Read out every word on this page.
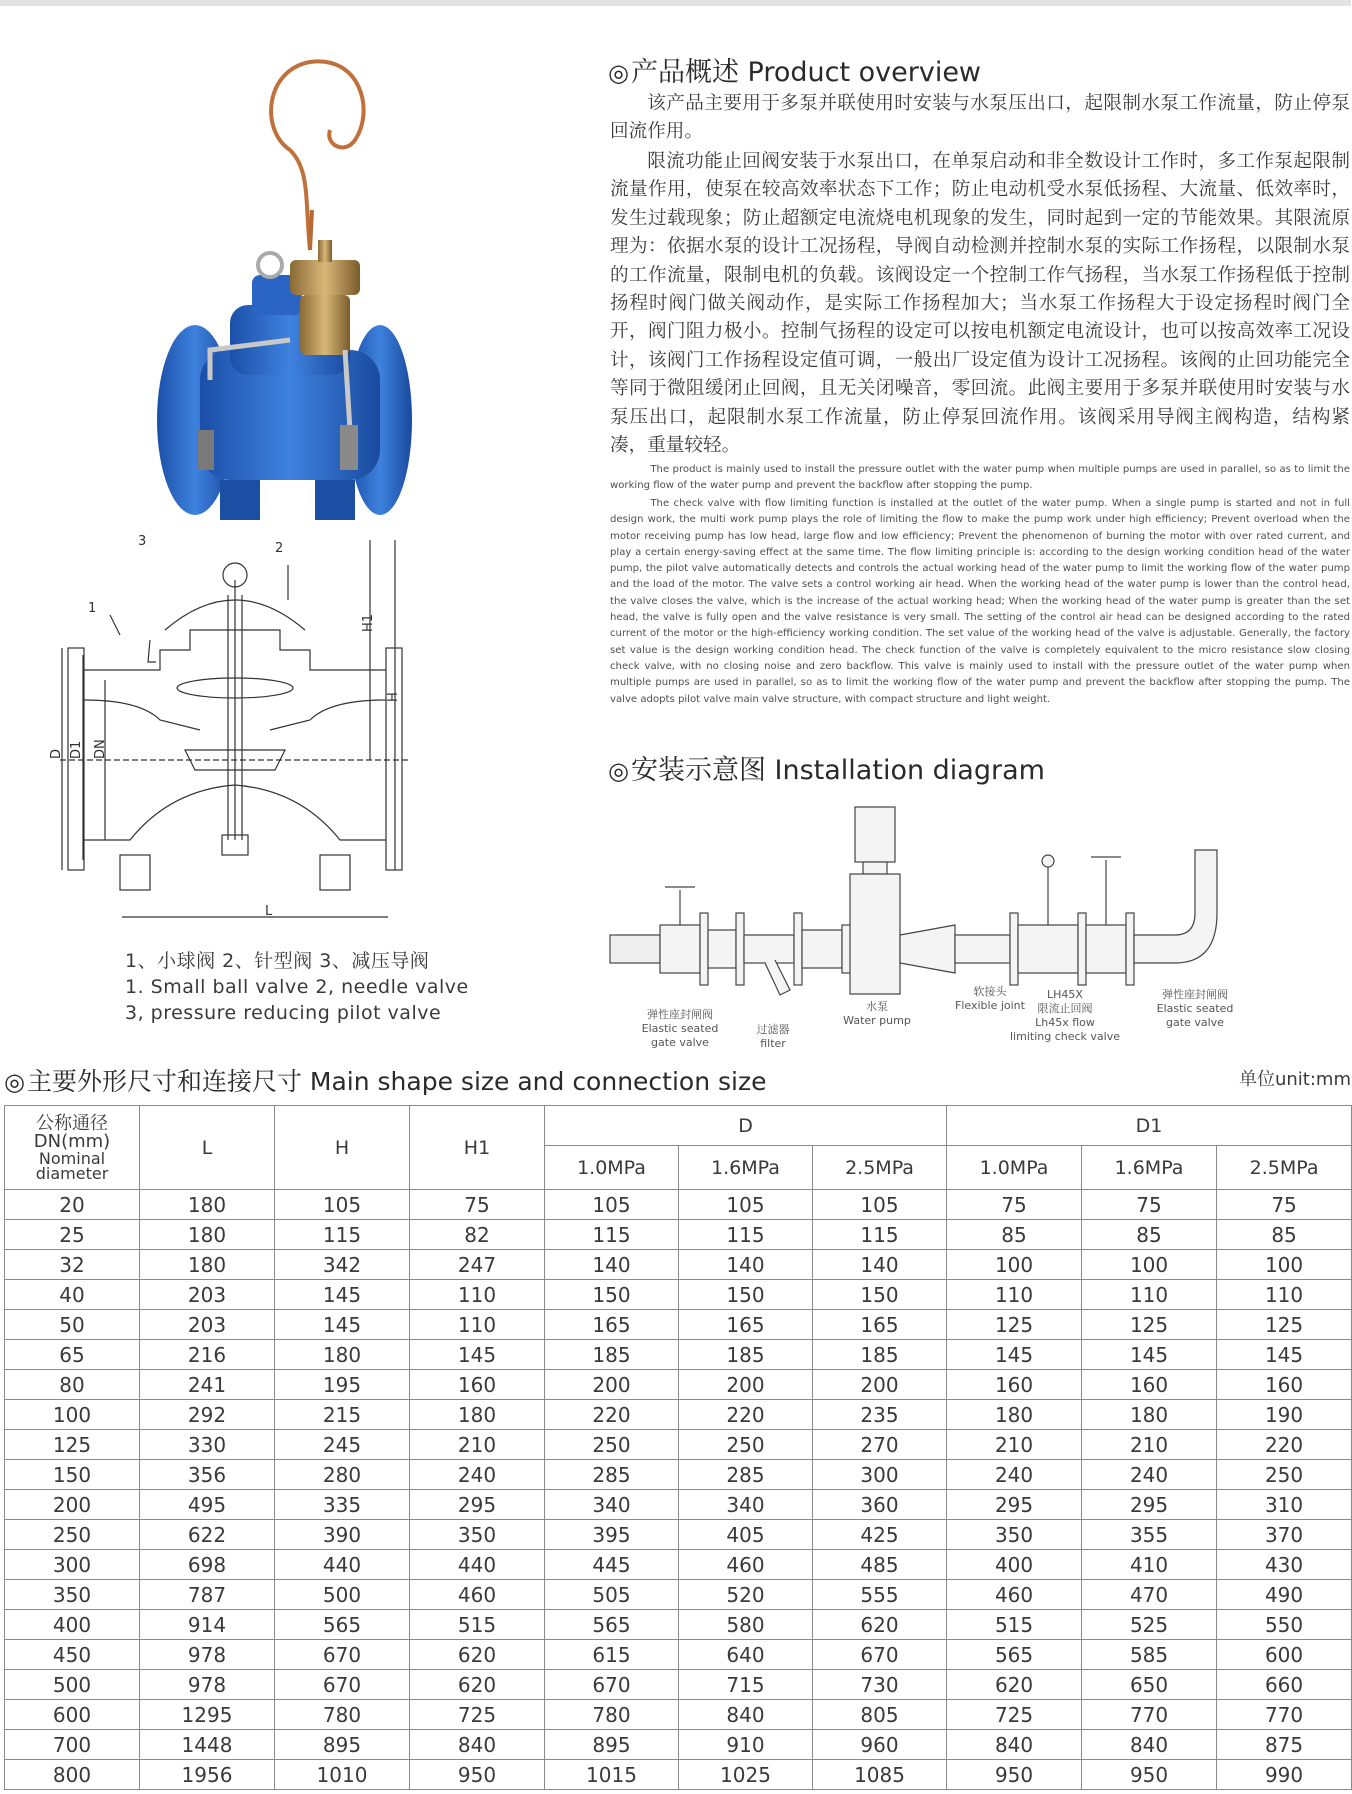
1
2
3
H1
H
D D1 DN
L
1、小球阀 2、针型阀 3、减压导阀
1. Small ball valve 2, needle valve
3, pressure reducing pilot valve
◎产品概述 Product overview

该产品主要用于多泵并联使用时安装与水泵压出口，起限制水泵工作流量，防止停泵回流作用。

限流功能止回阀安装于水泵出口，在单泵启动和非全数设计工作时，多工作泵起限制流量作用，使泵在较高效率状态下工作；防止电动机受水泵低扬程、大流量、低效率时，发生过载现象；防止超额定电流烧电机现象的发生，同时起到一定的节能效果。其限流原理为：依据水泵的设计工况扬程，导阀自动检测并控制水泵的实际工作扬程，以限制水泵的工作流量，限制电机的负载。该阀设定一个控制工作气扬程，当水泵工作扬程低于控制扬程时阀门做关阀动作，是实际工作扬程加大；当水泵工作扬程大于设定扬程时阀门全开，阀门阻力极小。控制气扬程的设定可以按电机额定电流设计，也可以按高效率工况设计，该阀门工作扬程设定值可调，一般出厂设定值为设计工况扬程。该阀的止回功能完全等同于微阻缓闭止回阀，且无关闭噪音，零回流。此阀主要用于多泵并联使用时安装与水泵压出口，起限制水泵工作流量，防止停泵回流作用。该阀采用导阀主阀构造，结构紧凑，重量较轻。

The product is mainly used to install the pressure outlet with the water pump when multiple pumps are used in parallel, so as to limit the working flow of the water pump and prevent the backflow after stopping the pump.

The check valve with flow limiting function is installed at the outlet of the water pump. When a single pump is started and not in full design work, the multi work pump plays the role of limiting the flow to make the pump work under high efficiency; Prevent overload when the motor receiving pump has low head, large flow and low efficiency; Prevent the phenomenon of burning the motor with over rated current, and play a certain energy-saving effect at the same time. The flow limiting principle is: according to the design working condition head of the water pump, the pilot valve automatically detects and controls the actual working head of the water pump to limit the working flow of the water pump and the load of the motor. The valve sets a control working air head. When the working head of the water pump is lower than the control head, the valve closes the valve, which is the increase of the actual working head; When the working head of the water pump is greater than the set head, the valve is fully open and the valve resistance is very small. The setting of the control air head can be designed according to the rated current of the motor or the high-efficiency working condition. The set value of the working head of the valve is adjustable. Generally, the factory set value is the design working condition head. The check function of the valve is completely equivalent to the micro resistance slow closing check valve, with no closing noise and zero backflow. This valve is mainly used to install with the pressure outlet of the water pump when multiple pumps are used in parallel, so as to limit the working flow of the water pump and prevent the backflow after stopping the pump. The valve adopts pilot valve main valve structure, with compact structure and light weight.

◎安装示意图 Installation diagram
弹性座封闸阀
Elastic seated
gate valve
过滤器
filter
水泵
Water pump
软接头
Flexible joint
LH45X
限流止回阀
Lh45x flow
limiting check valve
弹性座封闸阀
Elastic seated
gate valve
◎主要外形尺寸和连接尺寸 Main shape size and connection size	单位unit:mm
公称通径
DN(mm)
Nominal
diameter	L	H	H1	D			D1		
				1.0MPa	1.6MPa	2.5MPa	1.0MPa	1.6MPa	2.5MPa
20	180	105	75	105	105	105	75	75	75
25	180	115	82	115	115	115	85	85	85
32	180	342	247	140	140	140	100	100	100
40	203	145	110	150	150	150	110	110	110
50	203	145	110	165	165	165	125	125	125
65	216	180	145	185	185	185	145	145	145
80	241	195	160	200	200	200	160	160	160
100	292	215	180	220	220	235	180	180	190
125	330	245	210	250	250	270	210	210	220
150	356	280	240	285	285	300	240	240	250
200	495	335	295	340	340	360	295	295	310
250	622	390	350	395	405	425	350	355	370
300	698	440	440	445	460	485	400	410	430
350	787	500	460	505	520	555	460	470	490
400	914	565	515	565	580	620	515	525	550
450	978	670	620	615	640	670	565	585	600
500	978	670	620	670	715	730	620	650	660
600	1295	780	725	780	840	805	725	770	770
700	1448	895	840	895	910	960	840	840	875
800	1956	1010	950	1015	1025	1085	950	950	990
